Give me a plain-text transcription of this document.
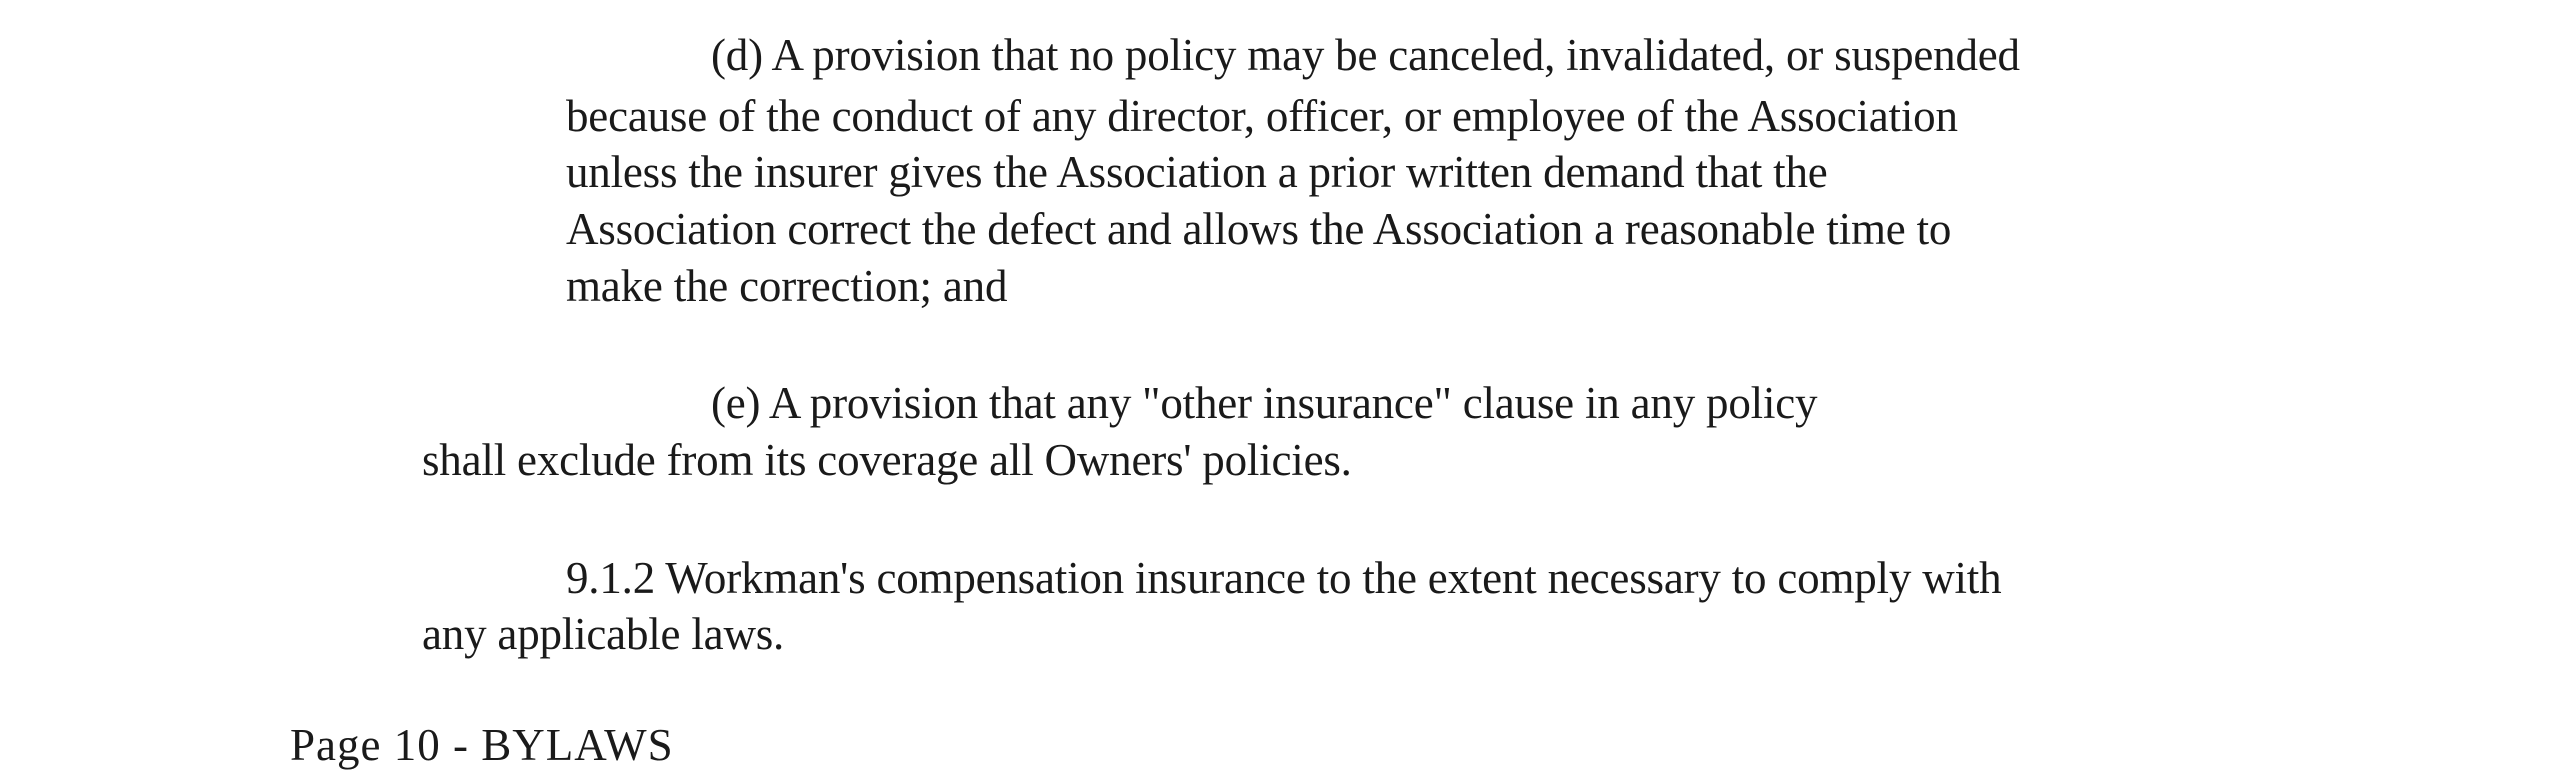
(d) A provision that no policy may be canceled, invalidated, or suspended
because of the conduct of any director, officer, or employee of the Association
unless the insurer gives the Association a prior written demand that the
Association correct the defect and allows the Association a reasonable time to
make the correction; and
(e) A provision that any "other insurance" clause in any policy
shall exclude from its coverage all Owners' policies.
9.1.2 Workman's compensation insurance to the extent necessary to comply with
any applicable laws.
Page 10 - BYLAWS
